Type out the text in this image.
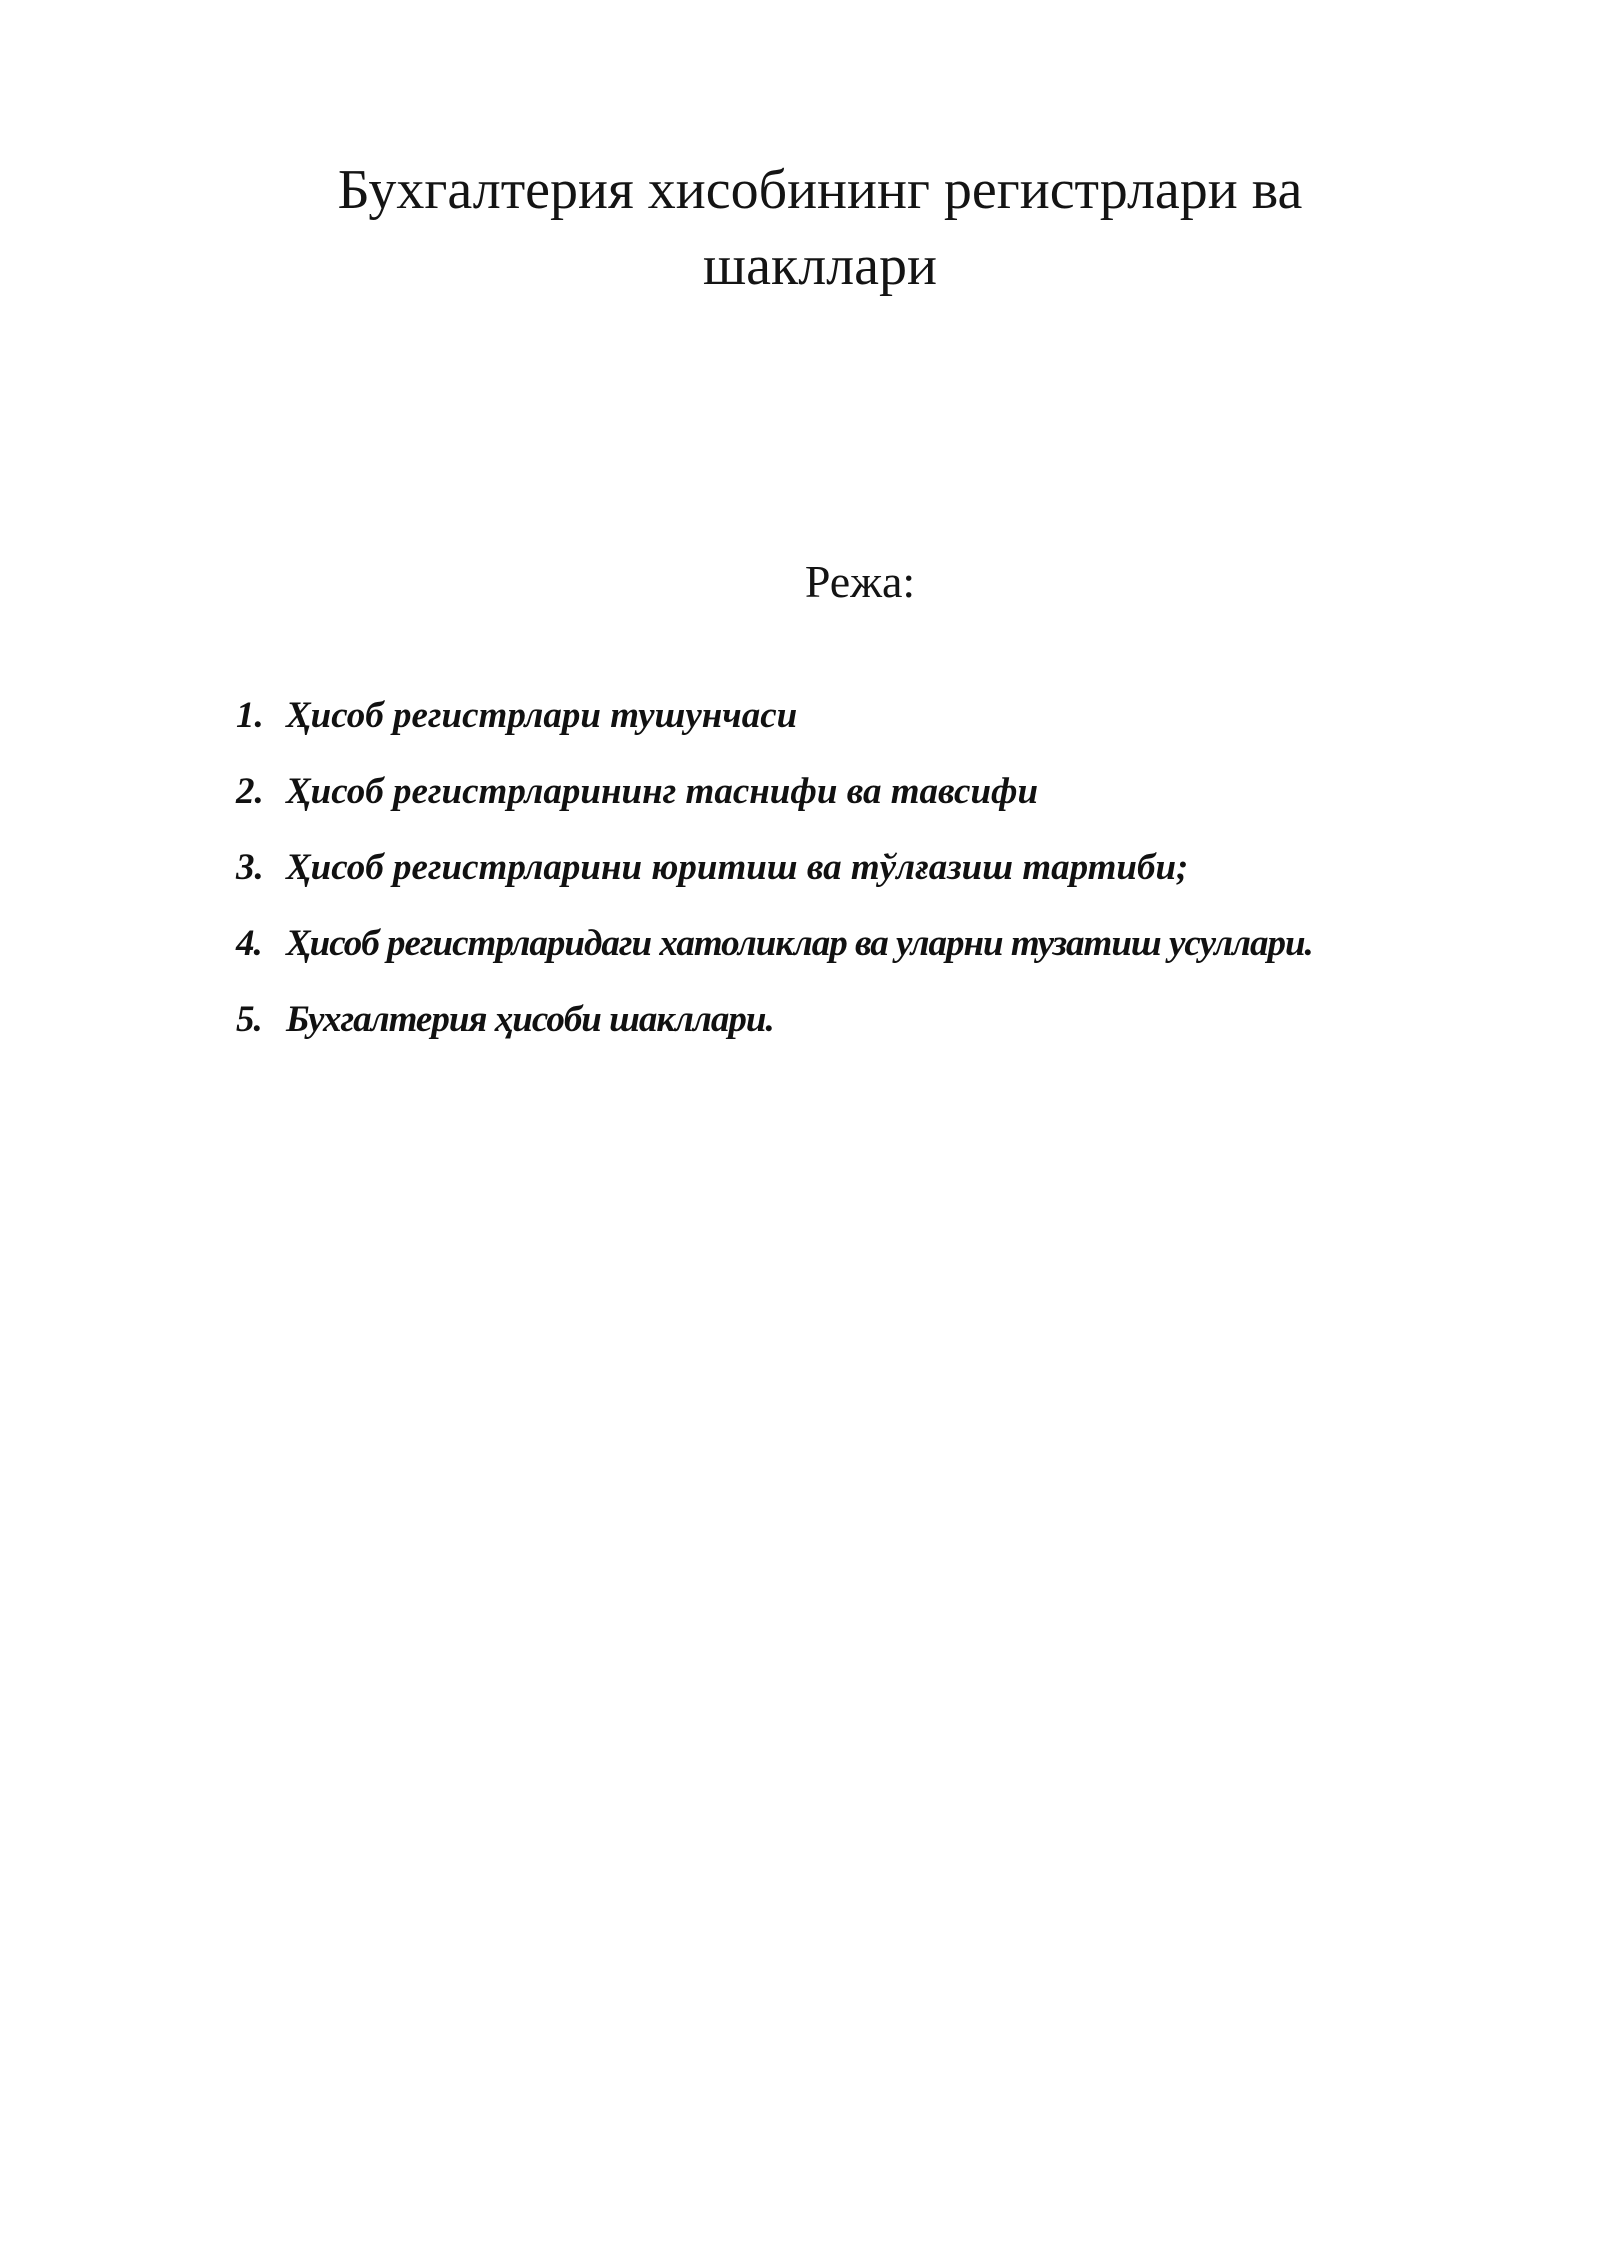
Бухгалтерия хисобининг регистрлари ва
шакллари
Режа:
1. Ҳисоб регистрлари тушунчаси
2. Ҳисоб регистрларининг таснифи ва тавсифи
3. Ҳисоб регистрларини юритиш ва тўлғазиш тартиби;
4. Ҳисоб регистрларидаги хатоликлар ва уларни тузатиш усуллари.
5. Бухгалтерия ҳисоби шакллари.
